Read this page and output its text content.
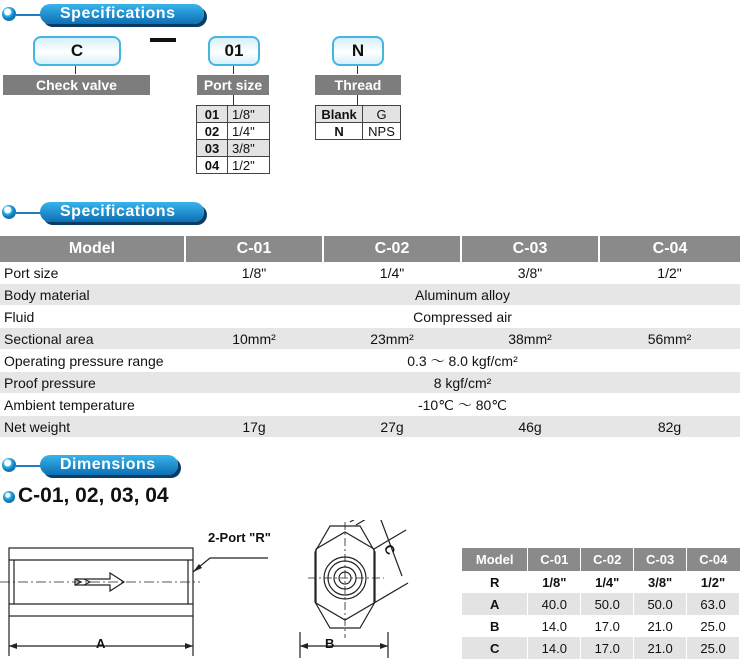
Specifications
C
Check valve
01
Port size
01	1/8"
02	1/4"
03	3/8"
04	1/2"
N
Thread
Blank	G
N	NPS
Specifications
Model	C-01	C-02	C-03	C-04
Port size	1/8"	1/4"	3/8"	1/2"
Body material	Aluminum alloy			
Fluid	Compressed air			
Sectional area	10mm²	23mm²	38mm²	56mm²
Operating pressure range	0.3 ～ 8.0 kgf/cm²			
Proof pressure	8 kgf/cm²			
Ambient temperature	-10℃ ～ 80℃			
Net weight	17g	27g	46g	82g
Dimensions
C-01, 02, 03, 04
2-Port "R"
A	B
C
Model	C-01	C-02	C-03	C-04
R	1/8"	1/4"	3/8"	1/2"
A	40.0	50.0	50.0	63.0
B	14.0	17.0	21.0	25.0
C	14.0	17.0	21.0	25.0
